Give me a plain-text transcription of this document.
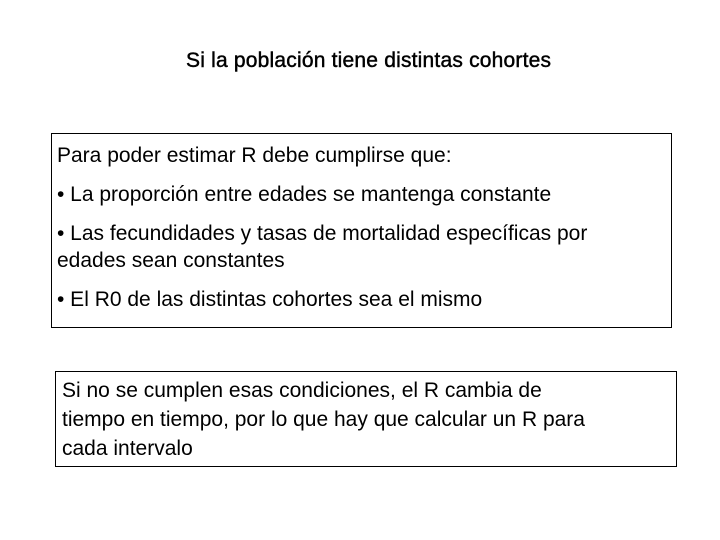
Si la población tiene distintas cohortes

Para poder estimar R debe cumplirse que:

• La proporción entre edades se mantenga constante

• Las fecundidades y tasas de mortalidad específicas por

edades sean constantes

• El R0 de las distintas cohortes sea el mismo

Si no se cumplen esas condiciones, el R cambia de

tiempo en tiempo, por lo que hay que calcular un R para

cada intervalo
